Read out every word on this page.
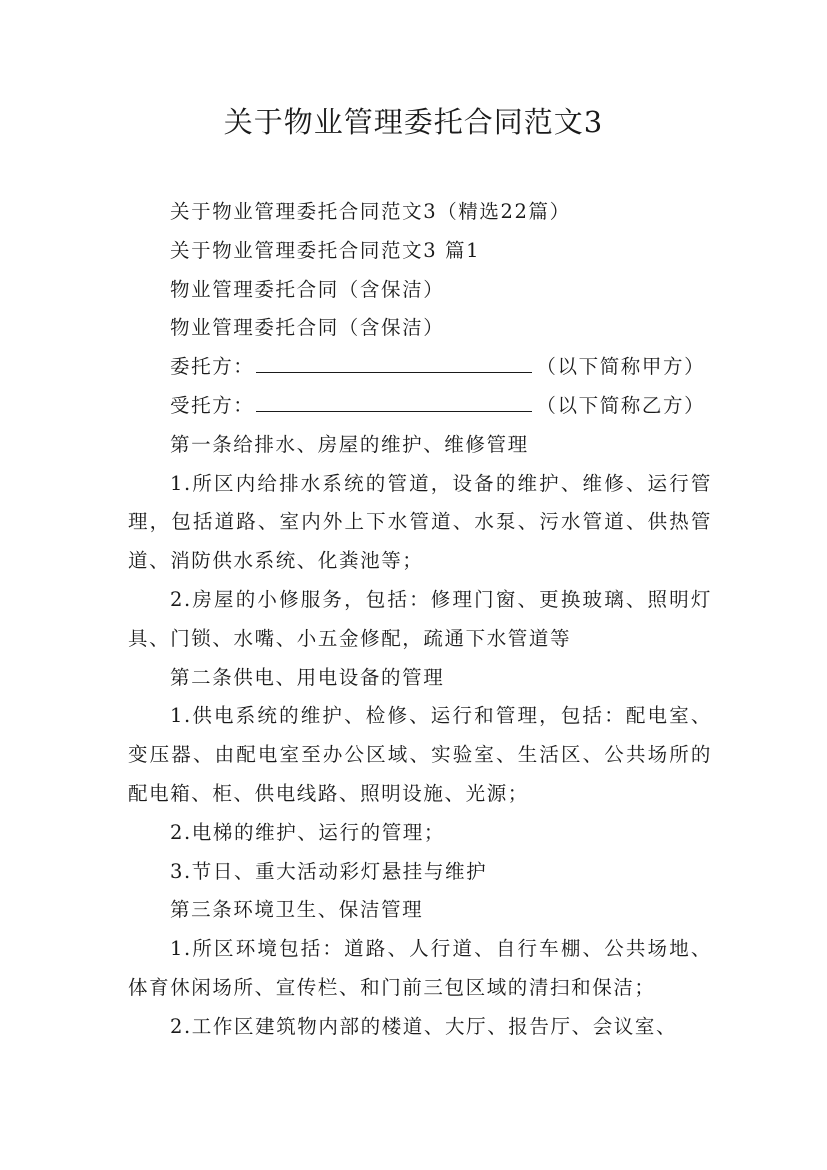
关于物业管理委托合同范文3
关于物业管理委托合同范文3（精选22篇）
关于物业管理委托合同范文3 篇1
物业管理委托合同（含保洁）
物业管理委托合同（含保洁）
委托方：	（以下简称甲方）
受托方：	（以下简称乙方）
第一条给排水、房屋的维护、维修管理
1.所区内给排水系统的管道，设备的维护、维修、运行管理，包括道路、室内外上下水管道、水泵、污水管道、供热管道、消防供水系统、化粪池等；
2.房屋的小修服务，包括：修理门窗、更换玻璃、照明灯具、门锁、水嘴、小五金修配，疏通下水管道等
第二条供电、用电设备的管理
1.供电系统的维护、检修、运行和管理，包括：配电室、变压器、由配电室至办公区域、实验室、生活区、公共场所的配电箱、柜、供电线路、照明设施、光源；
2.电梯的维护、运行的管理；
3.节日、重大活动彩灯悬挂与维护
第三条环境卫生、保洁管理
1.所区环境包括：道路、人行道、自行车棚、公共场地、体育休闲场所、宣传栏、和门前三包区域的清扫和保洁；
2.工作区建筑物内部的楼道、大厅、报告厅、会议室、
